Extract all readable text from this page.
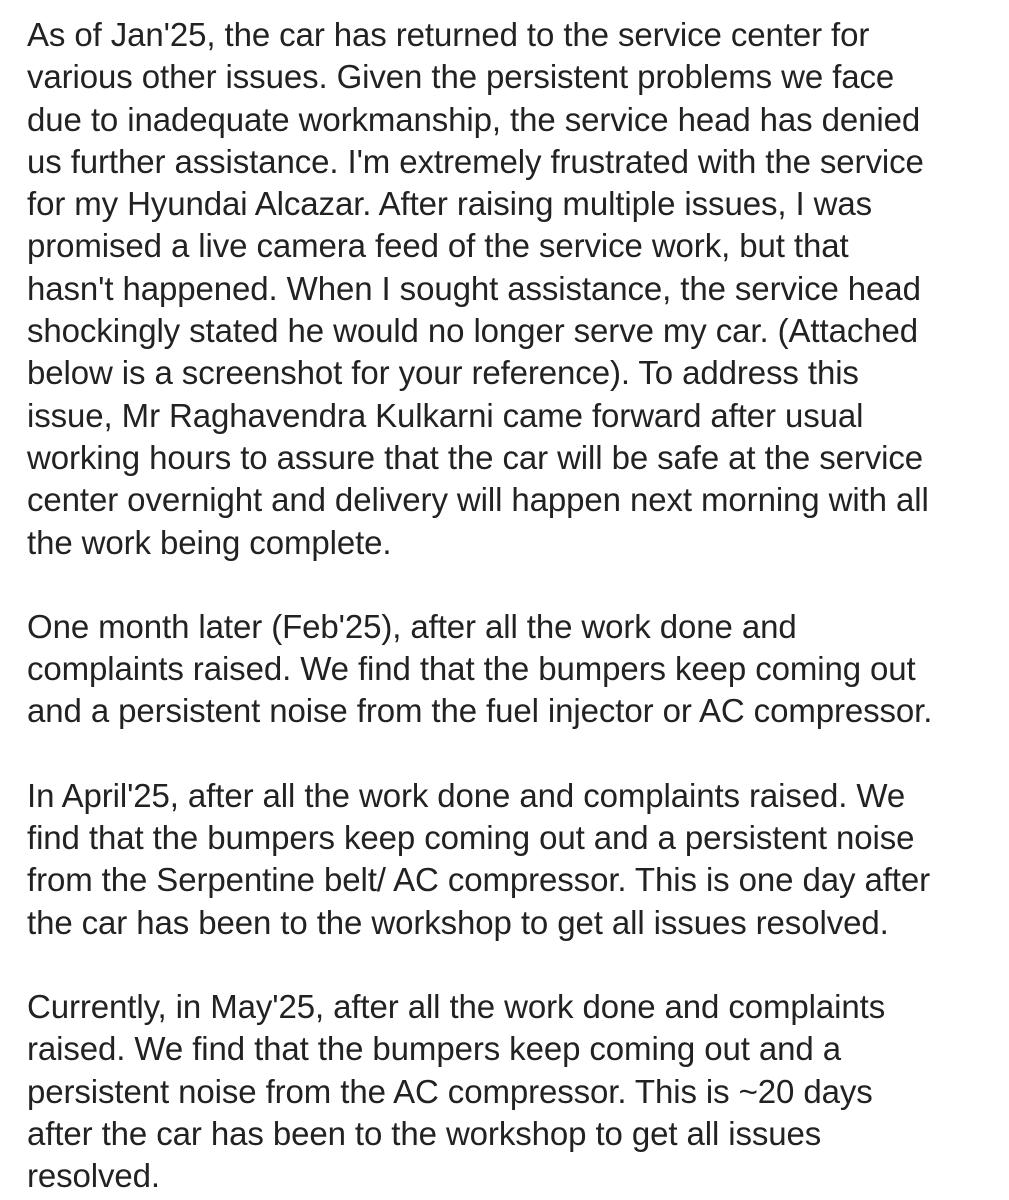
As of Jan'25, the car has returned to the service center for
various other issues. Given the persistent problems we face
due to inadequate workmanship, the service head has denied
us further assistance. I'm extremely frustrated with the service
for my Hyundai Alcazar. After raising multiple issues, I was
promised a live camera feed of the service work, but that
hasn't happened. When I sought assistance, the service head
shockingly stated he would no longer serve my car. (Attached
below is a screenshot for your reference). To address this
issue, Mr Raghavendra Kulkarni came forward after usual
working hours to assure that the car will be safe at the service
center overnight and delivery will happen next morning with all
the work being complete.

One month later (Feb'25), after all the work done and
complaints raised. We find that the bumpers keep coming out
and a persistent noise from the fuel injector or AC compressor.

In April'25, after all the work done and complaints raised. We
find that the bumpers keep coming out and a persistent noise
from the Serpentine belt/ AC compressor. This is one day after
the car has been to the workshop to get all issues resolved.

Currently, in May'25, after all the work done and complaints
raised. We find that the bumpers keep coming out and a
persistent noise from the AC compressor. This is ~20 days
after the car has been to the workshop to get all issues
resolved.
